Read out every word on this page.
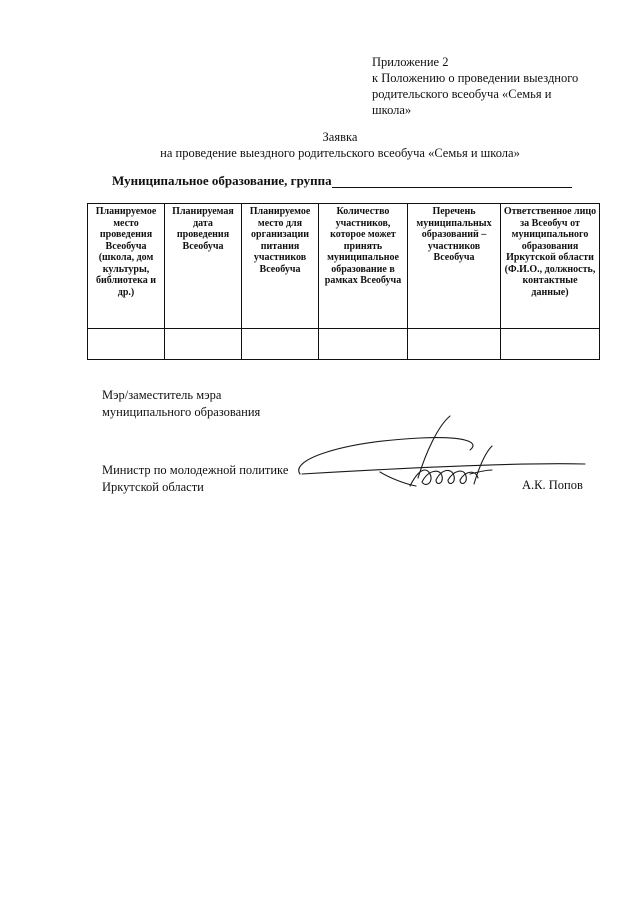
Приложение 2
к Положению о проведении выездного
родительского всеобуча «Семья и
школа»
Заявка
на проведение выездного родительского всеобуча «Семья и школа»
Муниципальное образование, группа
Планируемое место проведения Всеобуча (школа, дом культуры, библиотека и др.)	Планируемая дата проведения Всеобуча	Планируемое место для организации питания участников Всеобуча	Количество участников, которое может принять муниципальное образование в рамках Всеобуча	Перечень муниципальных образований – участников Всеобуча	Ответственное лицо за Всеобуч от муниципального образования Иркутской области (Ф.И.О., должность, контактные данные)

Мэр/заместитель мэра
муниципального образования
Министр по молодежной политике
Иркутской области	А.К. Попов
